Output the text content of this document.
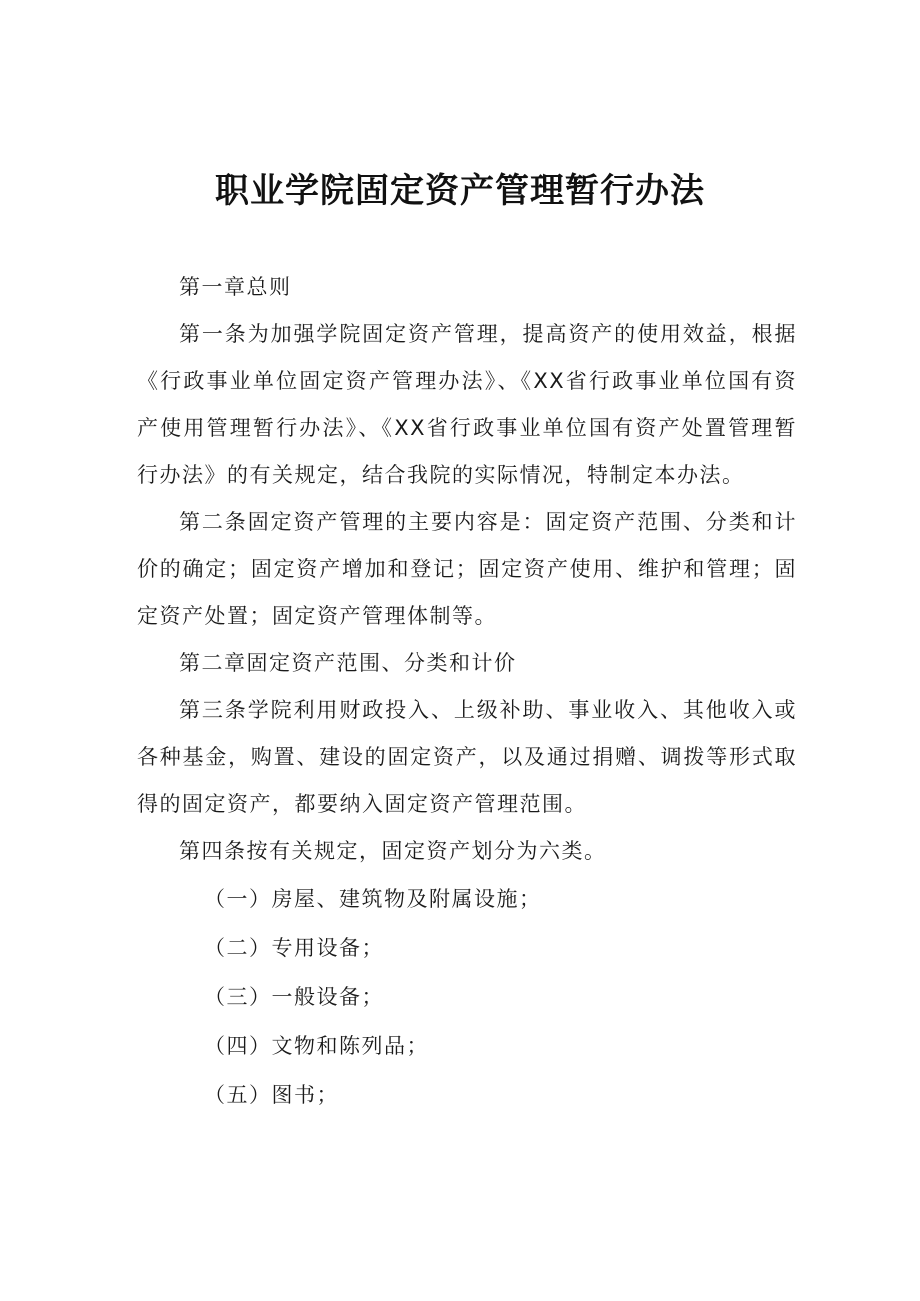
职业学院固定资产管理暂行办法

第一章总则

第一条为加强学院固定资产管理，提高资产的使用效益，根据《行政事业单位固定资产管理办法》、《XX省行政事业单位国有资产使用管理暂行办法》、《XX省行政事业单位国有资产处置管理暂行办法》的有关规定，结合我院的实际情况，特制定本办法。

第二条固定资产管理的主要内容是：固定资产范围、分类和计价的确定；固定资产增加和登记；固定资产使用、维护和管理；固定资产处置；固定资产管理体制等。

第二章固定资产范围、分类和计价

第三条学院利用财政投入、上级补助、事业收入、其他收入或各种基金，购置、建设的固定资产，以及通过捐赠、调拨等形式取得的固定资产，都要纳入固定资产管理范围。

第四条按有关规定，固定资产划分为六类。

（一）房屋、建筑物及附属设施；

（二）专用设备；

（三）一般设备；

（四）文物和陈列品；

（五）图书；
